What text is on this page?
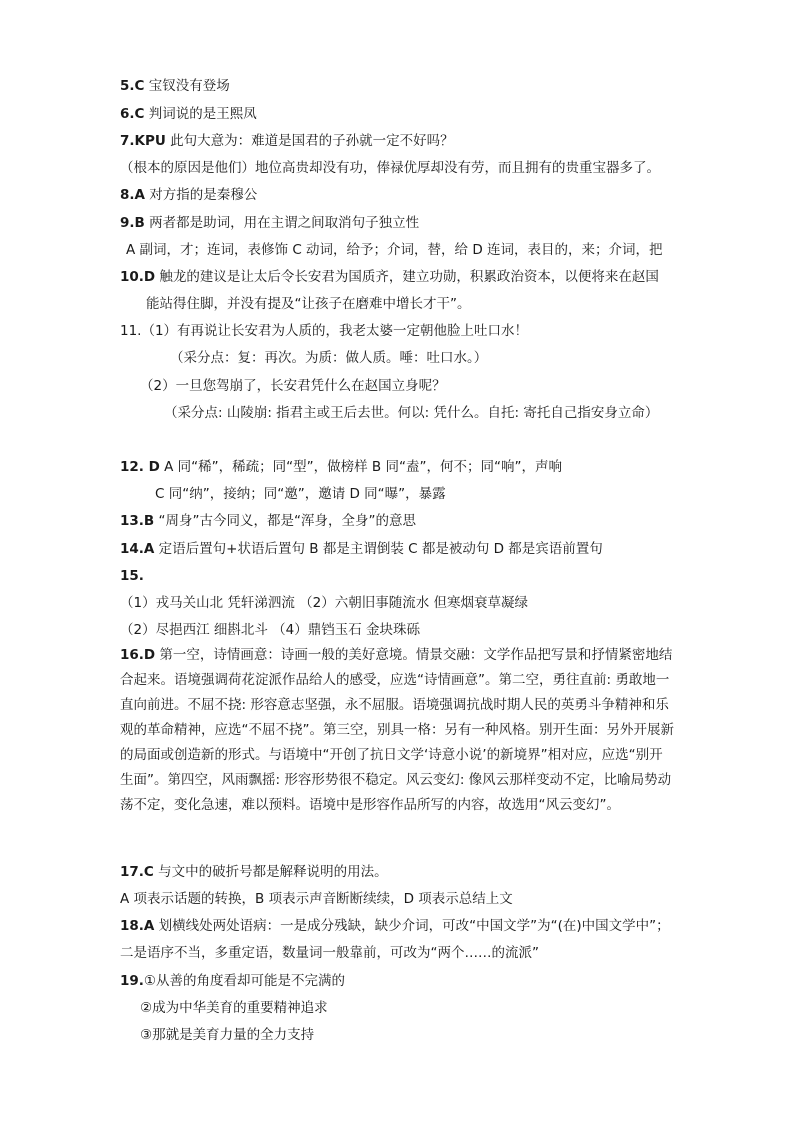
5.C 宝钗没有登场
6.C 判词说的是王熙凤
7.KPU 此句大意为：难道是国君的子孙就一定不好吗？
（根本的原因是他们）地位高贵却没有功，俸禄优厚却没有劳，而且拥有的贵重宝器多了。
8.A 对方指的是秦穆公
9.B 两者都是助词，用在主谓之间取消句子独立性
A 副词，才；连词，表修饰 C 动词，给予；介词，替，给 D 连词，表目的，来；介词，把
10.D 触龙的建议是让太后令长安君为国质齐，建立功勋，积累政治资本，以便将来在赵国
能站得住脚，并没有提及“让孩子在磨难中增长才干”。
11.（1）有再说让长安君为人质的，我老太婆一定朝他脸上吐口水！
（采分点：复：再次。为质：做人质。唾：吐口水。）
（2）一旦您驾崩了，长安君凭什么在赵国立身呢？
（采分点: 山陵崩: 指君主或王后去世。何以: 凭什么。自托: 寄托自己指安身立命）
12. D A 同“稀”，稀疏；同“型”，做榜样 B 同“盍”，何不；同“响”，声响
C 同“纳”，接纳；同“邀”，邀请 D 同“曝”，暴露
13.B “周身”古今同义，都是“浑身，全身”的意思
14.A 定语后置句+状语后置句 B 都是主谓倒装 C 都是被动句 D 都是宾语前置句
15.
（1）戎马关山北 凭轩涕泗流 （2）六朝旧事随流水 但寒烟衰草凝绿
（2）尽挹西江 细斟北斗 （4）鼎铛玉石 金块珠砾
16.D 第一空，诗情画意：诗画一般的美好意境。情景交融：文学作品把写景和抒情紧密地结合起来。语境强调荷花淀派作品给人的感受，应选“诗情画意”。第二空，勇往直前: 勇敢地一直向前进。不屈不挠: 形容意志坚强，永不屈服。语境强调抗战时期人民的英勇斗争精神和乐观的革命精神，应选“不屈不挠”。第三空，别具一格：另有一种风格。别开生面：另外开展新的局面或创造新的形式。与语境中“开创了抗日文学‘诗意小说’的新境界”相对应，应选“别开生面”。第四空，风雨飘摇: 形容形势很不稳定。风云变幻: 像风云那样变动不定，比喻局势动荡不定，变化急速，难以预料。语境中是形容作品所写的内容，故选用“风云变幻”。
17.C 与文中的破折号都是解释说明的用法。
A 项表示话题的转换，B 项表示声音断断续续，D 项表示总结上文
18.A 划横线处两处语病：一是成分残缺，缺少介词，可改“中国文学”为“(在)中国文学中”；
二是语序不当，多重定语，数量词一般靠前，可改为“两个……的流派”
19.①从善的角度看却可能是不完满的
②成为中华美育的重要精神追求
③那就是美育力量的全力支持
